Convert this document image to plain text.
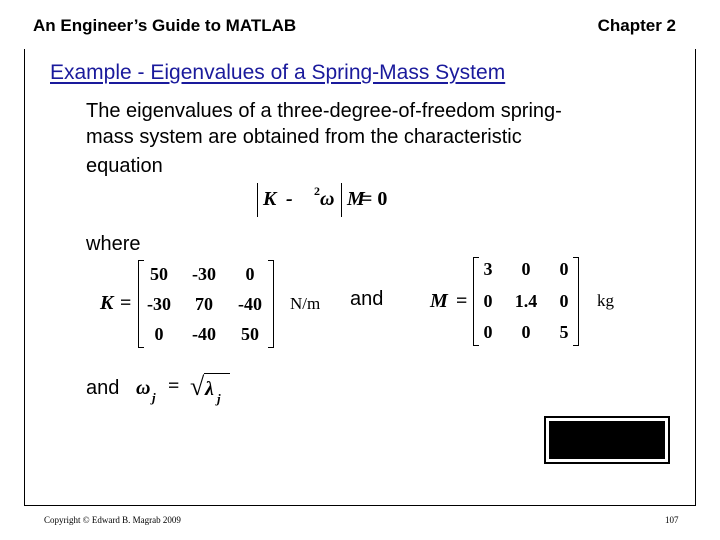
An Engineer’s Guide to MATLAB	Chapter 2
Example - Eigenvalues of a Spring-Mass System
The eigenvalues of a three-degree-of-freedom spring-
mass system are obtained from the characteristic
equation
K - 2 ω M
= 0
where
K =
50	-30	0
-30	70	-40
0	-40	50
N/m and M =
3	0	0
0	1.4	0
0	0	5
kg
and ω j
= √ λ j
Copyright © Edward B. Magrab 2009	107
